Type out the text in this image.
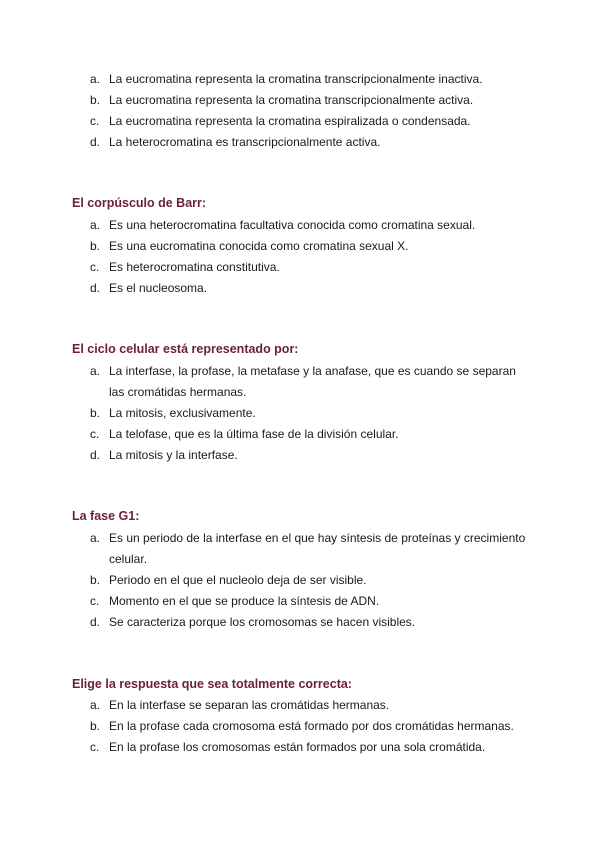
a. La eucromatina representa la cromatina transcripcionalmente inactiva.
b. La eucromatina representa la cromatina transcripcionalmente activa.
c. La eucromatina representa la cromatina espiralizada o condensada.
d. La heterocromatina es transcripcionalmente activa.
El corpúsculo de Barr:
a. Es una heterocromatina facultativa conocida como cromatina sexual.
b. Es una eucromatina conocida como cromatina sexual X.
c. Es heterocromatina constitutiva.
d. Es el nucleosoma.
El ciclo celular está representado por:
a. La interfase, la profase, la metafase y la anafase, que es cuando se separan las cromátidas hermanas.
b. La mitosis, exclusivamente.
c. La telofase, que es la última fase de la división celular.
d. La mitosis y la interfase.
La fase G1:
a. Es un periodo de la interfase en el que hay síntesis de proteínas y crecimiento celular.
b. Periodo en el que el nucleolo deja de ser visible.
c. Momento en el que se produce la síntesis de ADN.
d. Se caracteriza porque los cromosomas se hacen visibles.
Elige la respuesta que sea totalmente correcta:
a. En la interfase se separan las cromátidas hermanas.
b. En la profase cada cromosoma está formado por dos cromátidas hermanas.
c. En la profase los cromosomas están formados por una sola cromátida.
